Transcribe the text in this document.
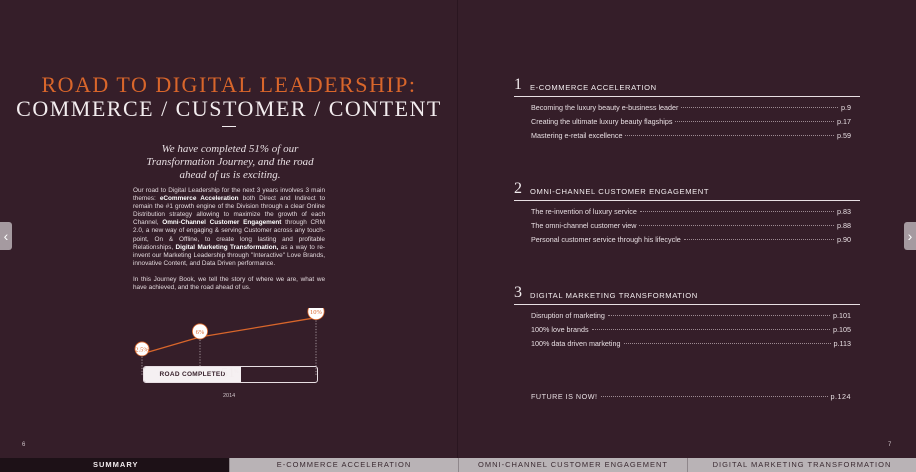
ROAD TO DIGITAL LEADERSHIP:
COMMERCE / CUSTOMER / CONTENT
We have completed 51% of our Transformation Journey, and the road ahead of us is exciting.

Our road to Digital Leadership for the next 3 years involves 3 main themes: eCommerce Acceleration both Direct and Indirect to remain the #1 growth engine of the Division through a clear Online Distribution strategy allowing to maximize the growth of each Channel, Omni-Channel Customer Engagement through CRM 2.0, a new way of engaging & serving Customer across any touch-point, On & Offline, to create long lasting and profitable Relationships, Digital Marketing Transformation, as a way to re-invent our Marketing Leadership through "Interactive" Love Brands, innovative Content, and Data Driven performance.

In this Journey Book, we tell the story of where we are, what we have achieved, and the road ahead of us.

2.5%
6%
10%
ROAD COMPLETED
51 %
2014
6	7
1 E-COMMERCE ACCELERATION
Becoming the luxury beauty e-business leader	p.9
Creating the ultimate luxury beauty flagships	p.17
Mastering e-retail excellence	p.59
2 OMNI-CHANNEL CUSTOMER ENGAGEMENT
The re-invention of luxury service	p.83
The omni-channel customer view	p.88
Personal customer service through his lifecycle	p.90
3 DIGITAL MARKETING TRANSFORMATION
Disruption of marketing	p.101
100% love brands	p.105
100% data driven marketing	p.113
FUTURE IS NOW!	p.124
‹	›
SUMMARY	E-COMMERCE ACCELERATION	OMNI-CHANNEL CUSTOMER ENGAGEMENT	DIGITAL MARKETING TRANSFORMATION
